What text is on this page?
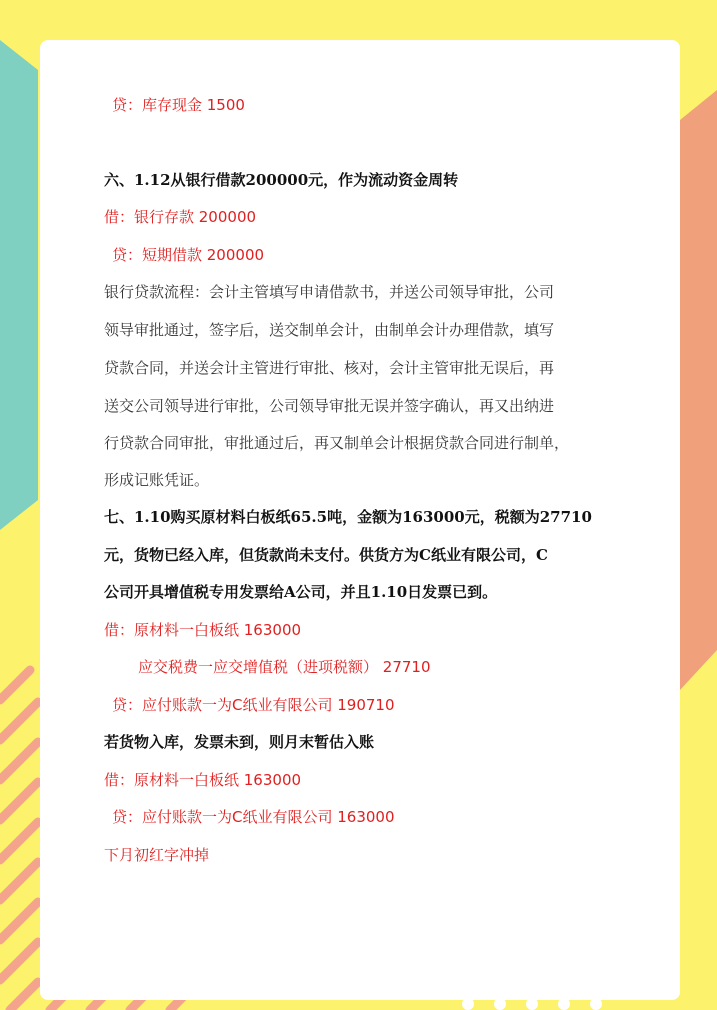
贷：库存现金 1500
六、1.12从银行借款200000元，作为流动资金周转
借：银行存款 200000
贷：短期借款 200000
银行贷款流程：会计主管填写申请借款书，并送公司领导审批，公司
领导审批通过，签字后，送交制单会计，由制单会计办理借款，填写
贷款合同，并送会计主管进行审批、核对，会计主管审批无误后，再
送交公司领导进行审批，公司领导审批无误并签字确认，再又出纳进
行贷款合同审批，审批通过后，再又制单会计根据贷款合同进行制单，
形成记账凭证。
七、1.10购买原材料白板纸65.5吨，金额为163000元，税额为27710
元，货物已经入库，但货款尚未支付。供货方为C纸业有限公司，C
公司开具增值税专用发票给A公司，并且1.10日发票已到。
借：原材料一白板纸 163000
应交税费一应交增值税（进项税额） 27710
贷：应付账款一为C纸业有限公司 190710
若货物入库，发票未到，则月末暂估入账
借：原材料一白板纸 163000
贷：应付账款一为C纸业有限公司 163000
下月初红字冲掉
